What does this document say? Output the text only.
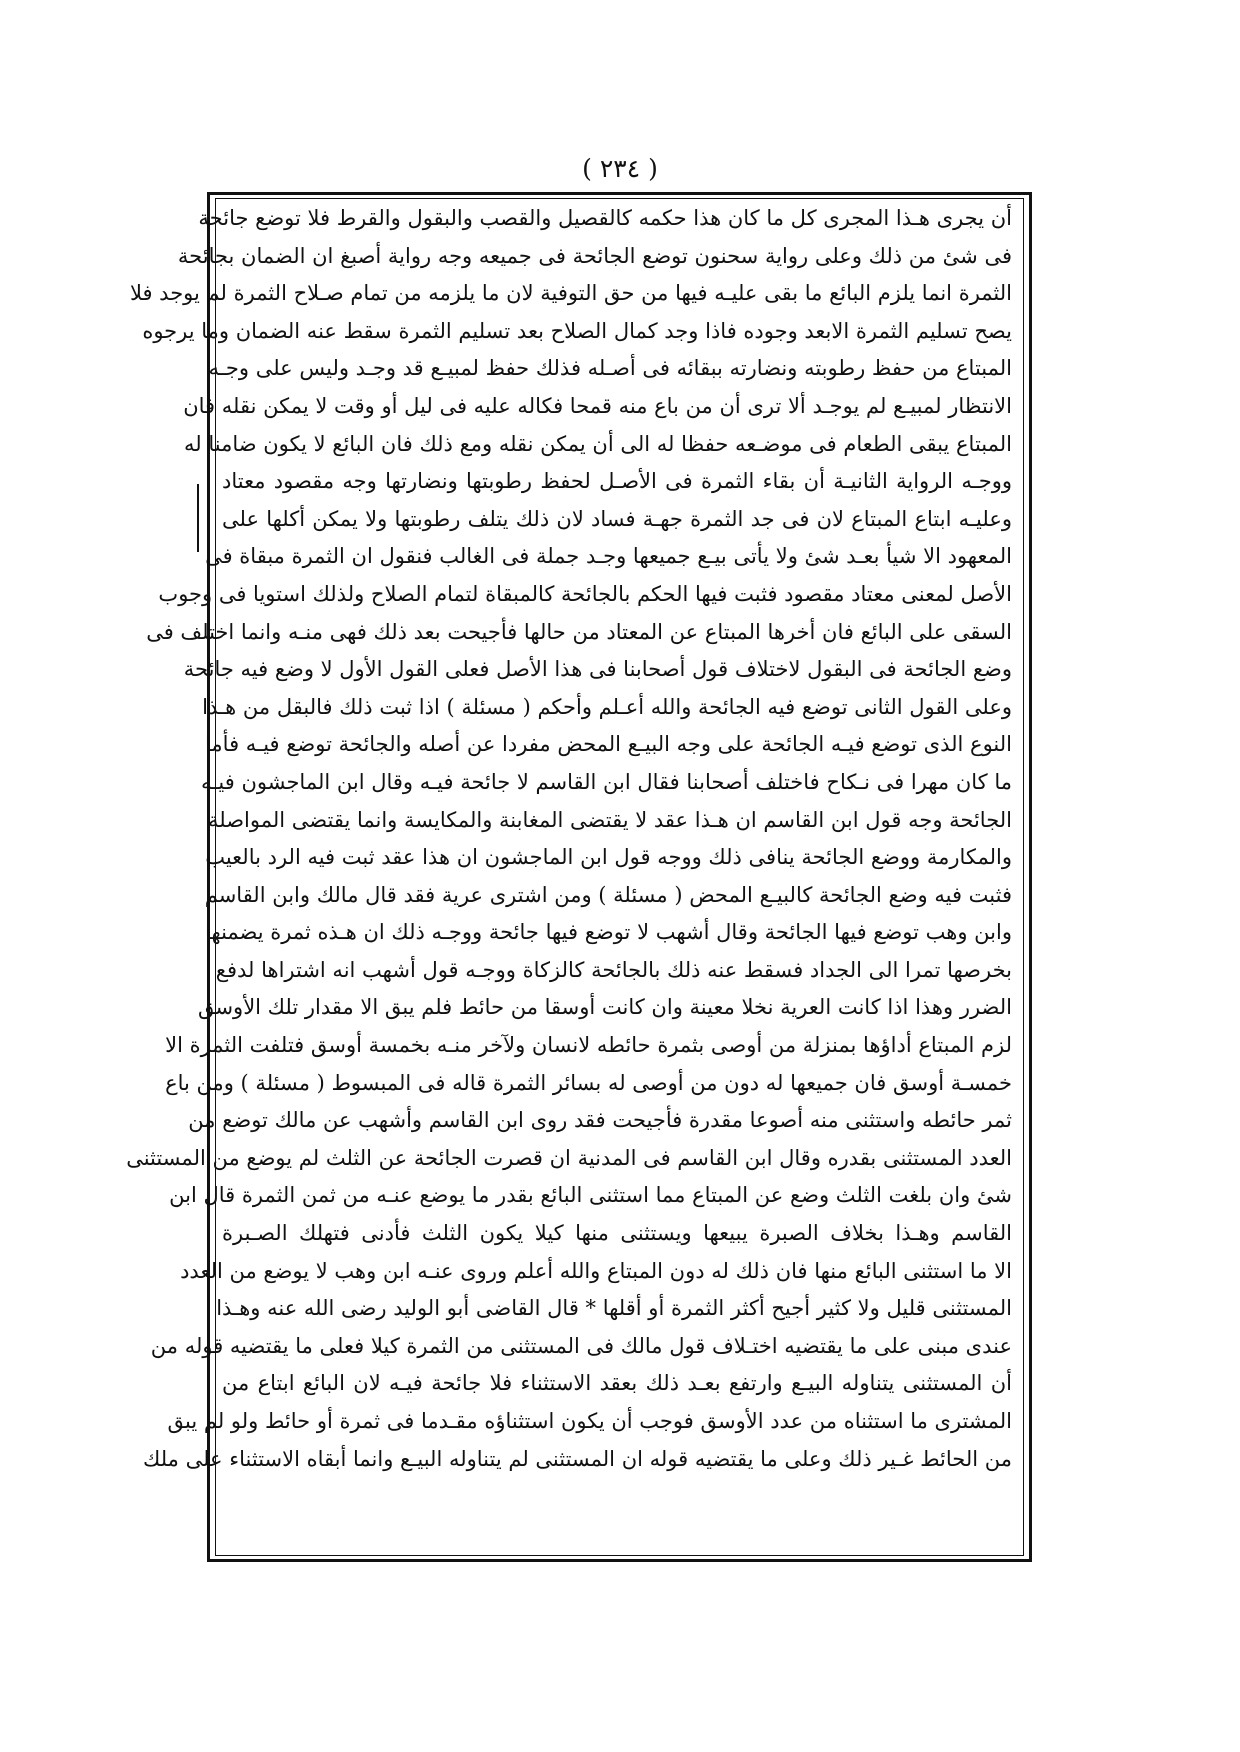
( ٢٣٤ )
أن يجرى هـذا المجرى كل ما كان هذا حكمه كالقصيل والقصب والبقول والقرط فلا توضع جائحة
فى شئ من ذلك وعلى رواية سحنون توضع الجائحة فى جميعه وجه رواية أصبغ ان الضمان بجائحة
الثمرة انما يلزم البائع ما بقى عليـه فيها من حق التوفية لان ما يلزمه من تمام صـلاح الثمرة لم يوجد فلا
يصح تسليم الثمرة الابعد وجوده فاذا وجد كمال الصلاح بعد تسليم الثمرة سقط عنه الضمان وما يرجوه
المبتاع من حفظ رطوبته ونضارته ببقائه فى أصـله فذلك حفظ لمبيـع قد وجـد وليس على وجـه
الانتظار لمبيـع لم يوجـد ألا ترى أن من باع منه قمحا فكاله عليه فى ليل أو وقت لا يمكن نقله فان
المبتاع يبقى الطعام فى موضـعه حفظا له الى أن يمكن نقله ومع ذلك فان البائع لا يكون ضامنا له
ووجـه الرواية الثانيـة أن بقاء الثمرة فى الأصـل لحفظ رطوبتها ونضارتها وجه مقصود معتاد
وعليـه ابتاع المبتاع لان فى جد الثمرة جهـة فساد لان ذلك يتلف رطوبتها ولا يمكن أكلها على
المعهود الا شيأ بعـد شئ ولا يأتى بيـع جميعها وجـد جملة فى الغالب فنقول ان الثمرة مبقاة فى
الأصل لمعنى معتاد مقصود فثبت فيها الحكم بالجائحة كالمبقاة لتمام الصلاح ولذلك استويا فى وجوب
السقى على البائع فان أخرها المبتاع عن المعتاد من حالها فأجيحت بعد ذلك فهى منـه وانما اختلف فى
وضع الجائحة فى البقول لاختلاف قول أصحابنا فى هذا الأصل فعلى القول الأول لا وضع فيه جائحة
وعلى القول الثانى توضع فيه الجائحة والله أعـلم وأحكم ( مسئلة ) اذا ثبت ذلك فالبقل من هـذا
النوع الذى توضع فيـه الجائحة على وجه البيـع المحض مفردا عن أصله والجائحة توضع فيـه فأما
ما كان مهرا فى نـكاح فاختلف أصحابنا فقال ابن القاسم لا جائحة فيـه وقال ابن الماجشون فيـه
الجائحة وجه قول ابن القاسم ان هـذا عقد لا يقتضى المغابنة والمكايسة وانما يقتضى المواصلة
والمكارمة ووضع الجائحة ينافى ذلك ووجه قول ابن الماجشون ان هذا عقد ثبت فيه الرد بالعيب
فثبت فيه وضع الجائحة كالبيـع المحض ( مسئلة ) ومن اشترى عرية فقد قال مالك وابن القاسم
وابن وهب توضع فيها الجائحة وقال أشهب لا توضع فيها جائحة ووجـه ذلك ان هـذه ثمرة يضمنها
بخرصها تمرا الى الجداد فسقط عنه ذلك بالجائحة كالزكاة ووجـه قول أشهب انه اشتراها لدفع
الضرر وهذا اذا كانت العرية نخلا معينة وان كانت أوسقا من حائط فلم يبق الا مقدار تلك الأوسق
لزم المبتاع أداؤها بمنزلة من أوصى بثمرة حائطه لانسان ولآخر منـه بخمسة أوسق فتلفت الثمرة الا
خمسـة أوسق فان جميعها له دون من أوصى له بسائر الثمرة قاله فى المبسوط ( مسئلة ) ومن باع
ثمر حائطه واستثنى منه أصوعا مقدرة فأجيحت فقد روى ابن القاسم وأشهب عن مالك توضع من
العدد المستثنى بقدره وقال ابن القاسم فى المدنية ان قصرت الجائحة عن الثلث لم يوضع من المستثنى
شئ وان بلغت الثلث وضع عن المبتاع مما استثنى البائع بقدر ما يوضع عنـه من ثمن الثمرة قال ابن
القاسم وهـذا بخلاف الصبرة يبيعها ويستثنى منها كيلا يكون الثلث فأدنى فتهلك الصـبرة
الا ما استثنى البائع منها فان ذلك له دون المبتاع والله أعلم وروى عنـه ابن وهب لا يوضع من العدد
المستثنى قليل ولا كثير أجيح أكثر الثمرة أو أقلها * قال القاضى أبو الوليد رضى الله عنه وهـذا
عندى مبنى على ما يقتضيه اختـلاف قول مالك فى المستثنى من الثمرة كيلا فعلى ما يقتضيه قوله من
أن المستثنى يتناوله البيـع وارتفع بعـد ذلك بعقد الاستثناء فلا جائحة فيـه لان البائع ابتاع من
المشترى ما استثناه من عدد الأوسق فوجب أن يكون استثناؤه مقـدما فى ثمرة أو حائط ولو لم يبق
من الحائط غـير ذلك وعلى ما يقتضيه قوله ان المستثنى لم يتناوله البيـع وانما أبقاه الاستثناء على ملك
